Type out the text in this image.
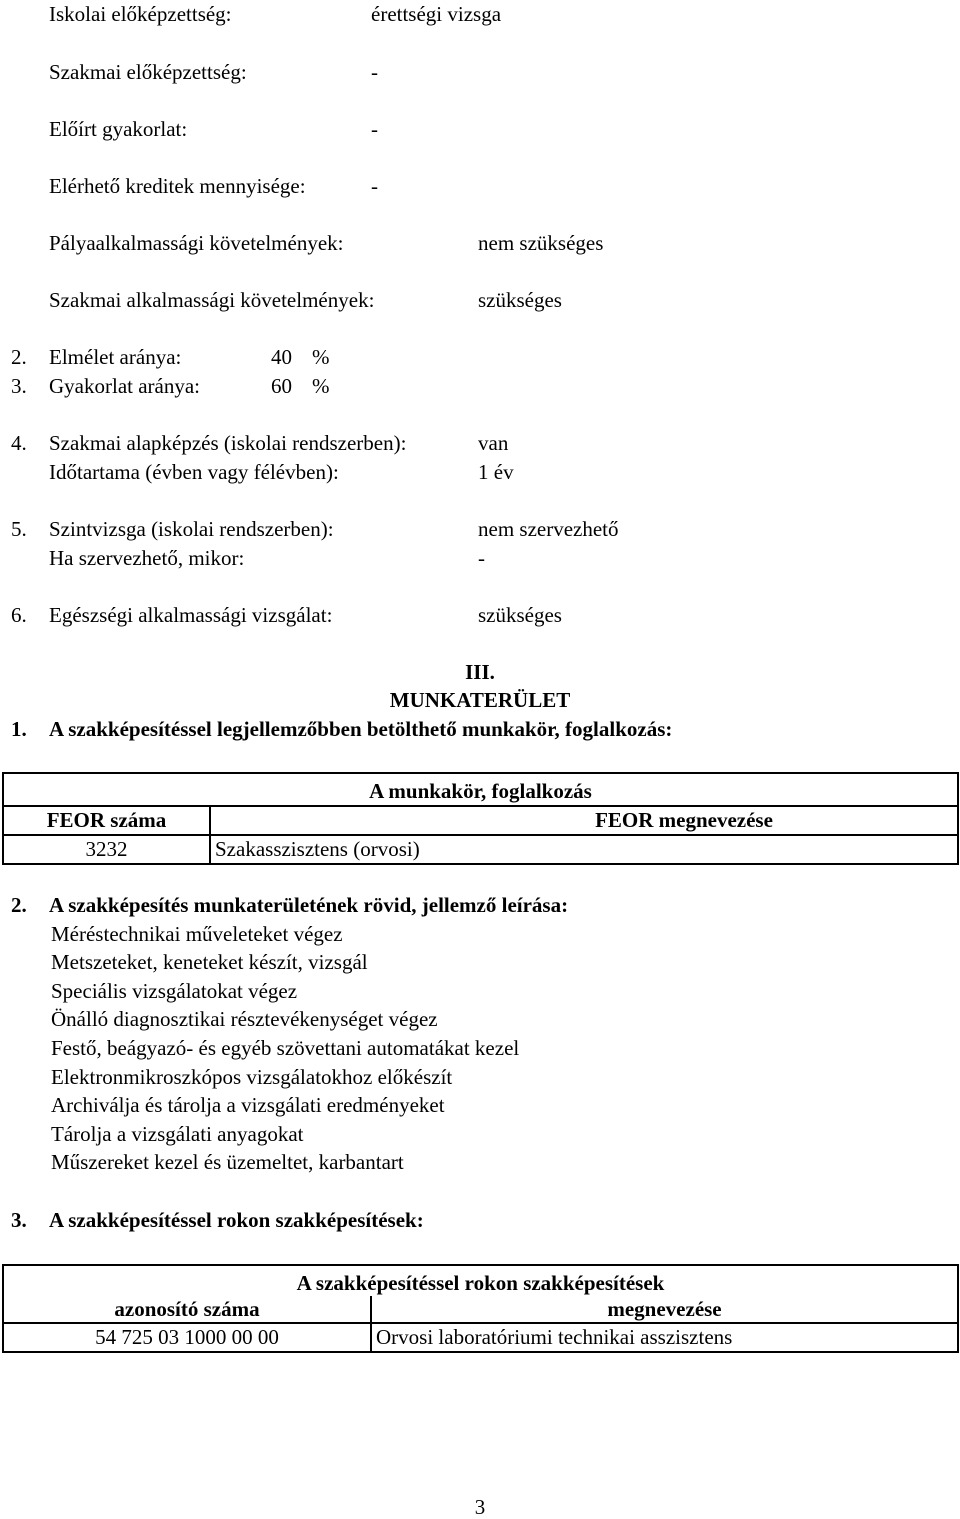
Iskolai előképzettség:	érettségi vizsga
Szakmai előképzettség:	-
Előírt gyakorlat:	-
Elérhető kreditek mennyisége:	-
Pályaalkalmassági követelmények:	nem szükséges
Szakmai alkalmassági követelmények:	szükséges
2. Elmélet aránya:	40 %
3. Gyakorlat aránya:	60 %
4. Szakmai alapképzés (iskolai rendszerben):	van
Időtartama (évben vagy félévben):	1 év
5. Szintvizsga (iskolai rendszerben):	nem szervezhető
Ha szervezhető, mikor:	-
6. Egészségi alkalmassági vizsgálat:	szükséges
III.
MUNKATERÜLET
1. A szakképesítéssel legjellemzőbben betölthető munkakör, foglalkozás:
A munkakör, foglalkozás	
FEOR száma	FEOR megnevezése
3232	Szakasszisztens (orvosi)
2. A szakképesítés munkaterületének rövid, jellemző leírása:
Méréstechnikai műveleteket végez
Metszeteket, keneteket készít, vizsgál
Speciális vizsgálatokat végez
Önálló diagnosztikai résztevékenységet végez
Festő, beágyazó- és egyéb szövettani automatákat kezel
Elektronmikroszkópos vizsgálatokhoz előkészít
Archiválja és tárolja a vizsgálati eredményeket
Tárolja a vizsgálati anyagokat
Műszereket kezel és üzemeltet, karbantart
3. A szakképesítéssel rokon szakképesítések:
A szakképesítéssel rokon szakképesítések	
azonosító száma	megnevezése
54 725 03 1000 00 00	Orvosi laboratóriumi technikai asszisztens
3
